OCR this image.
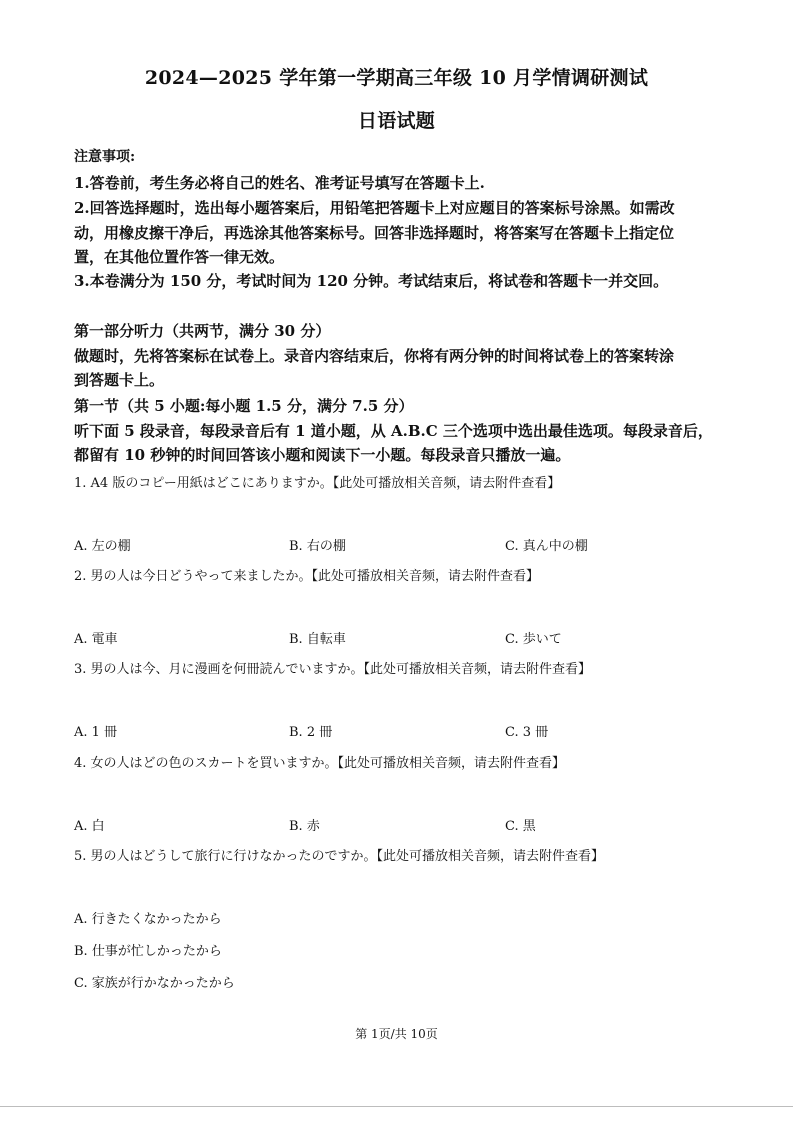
2024—2025 学年第一学期高三年级 10 月学情调研测试
日语试题
注意事项:
1.答卷前，考生务必将自己的姓名、准考证号填写在答题卡上.
2.回答选择题时，选出每小题答案后，用铅笔把答题卡上对应题目的答案标号涂黑。如需改
动，用橡皮擦干净后，再选涂其他答案标号。回答非选择题时，将答案写在答题卡上指定位
置，在其他位置作答一律无效。
3.本卷满分为 150 分，考试时间为 120 分钟。考试结束后，将试卷和答题卡一并交回。
第一部分听力（共两节，满分 30 分）
做题时，先将答案标在试卷上。录音内容结束后，你将有两分钟的时间将试卷上的答案转涂
到答题卡上。
第一节（共 5 小题:每小题 1.5 分，满分 7.5 分）
听下面 5 段录音，每段录音后有 1 道小题，从 A.B.C 三个选项中选出最佳选项。每段录音后，
都留有 10 秒钟的时间回答该小题和阅读下一小题。每段录音只播放一遍。
1. A4 版のコピー用紙はどこにありますか。【此处可播放相关音频，请去附件查看】
A. 左の棚	B. 右の棚	C. 真ん中の棚
2. 男の人は今日どうやって来ましたか。【此处可播放相关音频，请去附件查看】
A. 電車	B. 自転車	C. 歩いて
3. 男の人は今、月に漫画を何冊読んでいますか。【此处可播放相关音频，请去附件查看】
A. 1 冊	B. 2 冊	C. 3 冊
4. 女の人はどの色のスカートを買いますか。【此处可播放相关音频，请去附件查看】
A. 白	B. 赤	C. 黒
5. 男の人はどうして旅行に行けなかったのですか。【此处可播放相关音频，请去附件查看】
A. 行きたくなかったから
B. 仕事が忙しかったから
C. 家族が行かなかったから
第 1页/共 10页
